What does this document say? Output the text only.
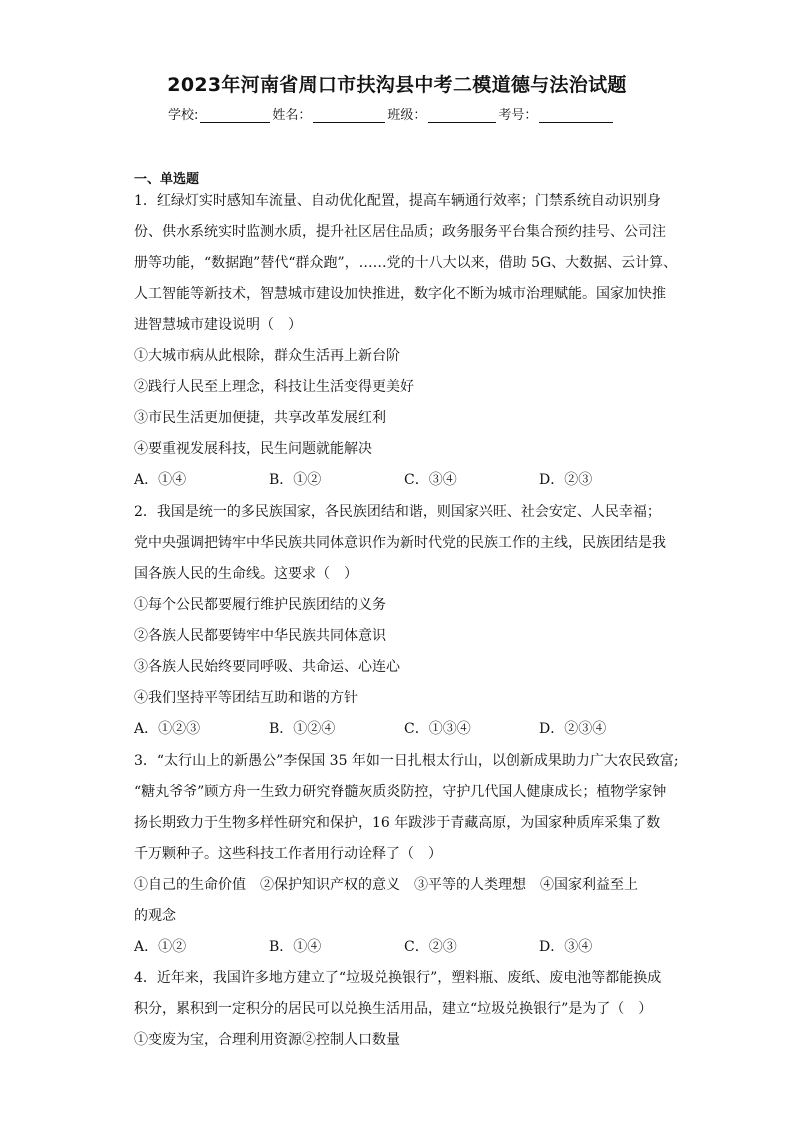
2023年河南省周口市扶沟县中考二模道德与法治试题
学校:	姓名：	班级：	考号：
一、单选题
1．红绿灯实时感知车流量、自动优化配置，提高车辆通行效率；门禁系统自动识别身
份、供水系统实时监测水质，提升社区居住品质；政务服务平台集合预约挂号、公司注
册等功能，“数据跑”替代“群众跑”，……党的十八大以来，借助 5G、大数据、云计算、
人工智能等新技术，智慧城市建设加快推进，数字化不断为城市治理赋能。国家加快推
进智慧城市建设说明（　）
①大城市病从此根除，群众生活再上新台阶
②践行人民至上理念，科技让生活变得更美好
③市民生活更加便捷，共享改革发展红利
④要重视发展科技，民生问题就能解决
A．①④	B．①②	C．③④	D．②③
2．我国是统一的多民族国家，各民族团结和谐，则国家兴旺、社会安定、人民幸福；
党中央强调把铸牢中华民族共同体意识作为新时代党的民族工作的主线，民族团结是我
国各族人民的生命线。这要求（　）
①每个公民都要履行维护民族团结的义务
②各族人民都要铸牢中华民族共同体意识
③各族人民始终要同呼吸、共命运、心连心
④我们坚持平等团结互助和谐的方针
A．①②③	B．①②④	C．①③④	D．②③④
3．“太行山上的新愚公”李保国 35 年如一日扎根太行山，以创新成果助力广大农民致富;
“糖丸爷爷”顾方舟一生致力研究脊髓灰质炎防控，守护几代国人健康成长；植物学家钟
扬长期致力于生物多样性研究和保护，16 年跋涉于青藏高原，为国家种质库采集了数
千万颗种子。这些科技工作者用行动诠释了（　）
①自己的生命价值　②保护知识产权的意义　③平等的人类理想　④国家利益至上
的观念
A．①②	B．①④	C．②③	D．③④
4．近年来，我国许多地方建立了“垃圾兑换银行”，塑料瓶、废纸、废电池等都能换成
积分，累积到一定积分的居民可以兑换生活用品，建立“垃圾兑换银行”是为了（　）
①变废为宝，合理利用资源②控制人口数量
